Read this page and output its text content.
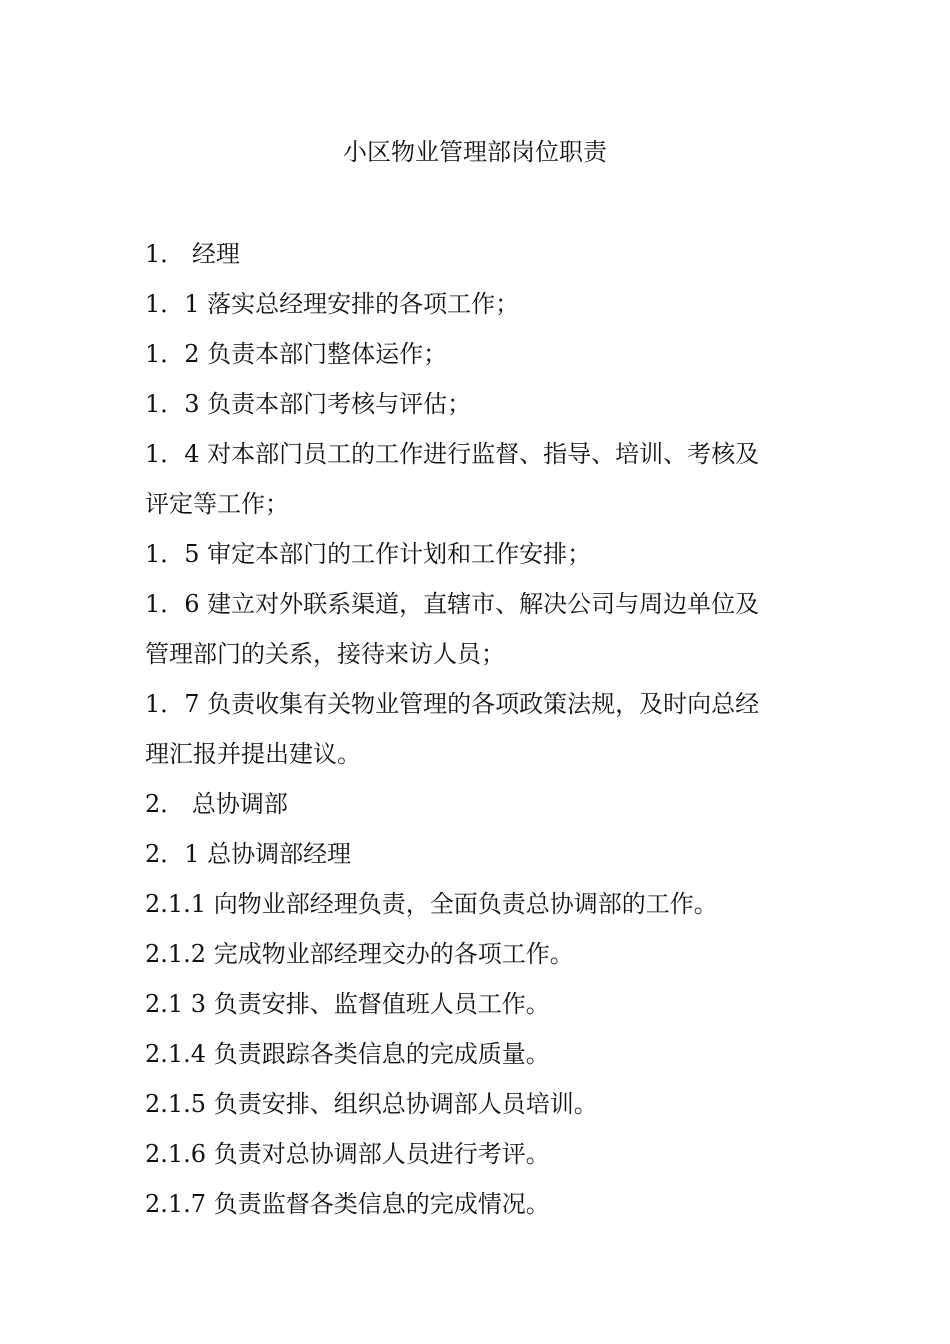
小区物业管理部岗位职责
1． 经理
1．1 落实总经理安排的各项工作；
1．2 负责本部门整体运作；
1．3 负责本部门考核与评估；
1．4 对本部门员工的工作进行监督、指导、培训、考核及
评定等工作；
1．5 审定本部门的工作计划和工作安排；
1．6 建立对外联系渠道，直辖市、解决公司与周边单位及
管理部门的关系，接待来访人员；
1．7 负责收集有关物业管理的各项政策法规，及时向总经
理汇报并提出建议。
2． 总协调部
2．1 总协调部经理
2.1.1 向物业部经理负责，全面负责总协调部的工作。
2.1.2 完成物业部经理交办的各项工作。
2.1 3 负责安排、监督值班人员工作。
2.1.4 负责跟踪各类信息的完成质量。
2.1.5 负责安排、组织总协调部人员培训。
2.1.6 负责对总协调部人员进行考评。
2.1.7 负责监督各类信息的完成情况。
